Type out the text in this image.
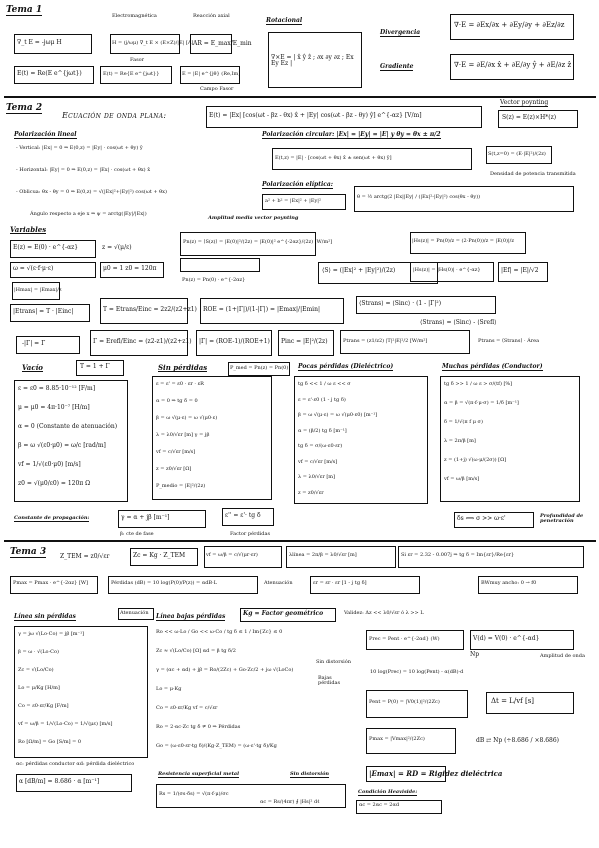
Tema 1
Electromagnética	Reacción axial
∇_t E = -jωμ H	H = (j/ωμ) ∇_t E × (E×Z)/|E| [A] AR = E_max/E_min
Fasor
E(t) = Re(E e^{jωt})	E(t) = Re{E e^{jωt}}	E = |E| e^{jθ} (Re,Im)
Campo Fasor
Rotacional
∇×E = | x̂ ŷ ẑ ; ∂x ∂y ∂z ; Ex Ey Ez |
Divergencia
∇·E = ∂Ex/∂x + ∂Ey/∂y + ∂Ez/∂z
Gradiente	∇·E = ∂E/∂x x̂ + ∂E/∂y ŷ + ∂E/∂z ẑ
Tema 2
Ecuación de onda plana:	E(t) = |Ex| [cos(ωt - βz - θx) x̂ + |Ey| cos(ωt - βz - θy) ŷ] e^{-αz} [V/m]
Vector poynting
S(z) = E(z)×H*(z)
Polarización lineal
- Vertical: |Ex| = 0 ⇒ E(0,z) = |Ey| · cos(ωt + θy) ŷ
- Horizontal: |Ey| = 0 ⇒ E(0,z) = |Ex| · cos(ωt + θx) x̂
- Oblicua: θx - θy = 0 ⇒ E(0,z) = √(|Ex|²+|Ey|²) cos(ωt + θx)
Ángulo respecto a eje x ⇒ ψ = arctg(|Ey|/|Ex|)
Amplitud media vector poynting
Polarización circular: |Ex| = |Ey| = |E| y θy = θx ± π/2
E(t,z) = |E| · [cos(ωt + θx) x̂ ± sen(ωt + θx) ŷ]
S(t,z=0) = (E·|E|²)/(2z)
Densidad de potencia transmitida
Polarización elíptica:
a² + b² = |Ex|² + |Ey|²
θ = ½ arctg(2 |Ex||Ey| / (|Ex|²-|Ey|²) cos(θx - θy))
Variables
E(z) = E(0) · e^{-αz}	z = √(μ/ε)
ω = √(ε·f·μ·ε)	μ0 = 1 z0 = 120π
|Hmax| = |Emax|/z
Pn(z) = ⟨S(z)⟩ = |E(0)|²/(2z) = |E(0)|² e^{-2αz}/(2z) [W/m²]
Pn(z) = Pn(0) · e^{-2αz}
⟨S⟩ = (|Ex|² + |Ey|²)/(2z)
|Hs(z)| = Pn(0)/z = (2·Pn(0))/z = |E(0)|/z
|Hs(z)| = |Hs(0)| · e^{-αz}	|Ef| = |E|/√2
|Etrans| = T · |Einc|	T = Etrans/Einc = 2z2/(z2+z1) ROE = (1+|Γ|)/(1-|Γ|) = |Emax|/|Emin|
⟨Strans⟩ = ⟨Sinc⟩ · (1 - |Γ|²)
⟨Strans⟩ = ⟨Sinc⟩ - ⟨Srefl⟩
-|Γ| = Γ	Γ = Erefl/Einc = (z2-z1)/(z2+z1) |Γ| = (ROE-1)/(ROE+1) Pinc = |E|²/(2z)	Ptrans = (z1/z2) |T|²|E|²/2 [W/m²]	Ptrans = ⟨Strans⟩ · Área
Vacío	T = 1 + Γ
ε = ε0 = 8.85·10⁻¹² [F/m]
μ = μ0 = 4π·10⁻⁷ [H/m]
α = 0 (Constante de atenuación)
β = ω √(ε0·μ0) = ω/c [rad/m]
vf = 1/√(ε0·μ0) [m/s]
z0 = √(μ0/ε0) = 120π Ω
Sin pérdidas
ε = ε' = ε0 · εr · εR
α = 0 ⇒ tg δ = 0
β = ω √(μ·ε) = ω √(μ0·ε)
λ = λ0/√εr [m] γ = jβ
vf = c/√εr [m/s]
z = z0/√εr [Ω]
P_medio = |E|²/(2z)
P_med = Pn(z) = Pn(0) Pocas pérdidas (Dieléctrico)
tg δ << 1 / ω ε << σ
ε = ε'·ε0 (1 - j tg δ)
β = ω √(μ·ε) = ω √(μ0·ε0) [m⁻¹]
α = (β/2) tg δ [m⁻¹]
tg δ = σ/(ω·ε0·εr)
vf = c/√εr [m/s]
λ = λ0/√εr [m]
z = z0/√εr
Muchas pérdidas (Conductor)
tg δ >> 1 / ω ε > σ/(tf) [%]
α = β = √(π·f·μ·σ) = 1/δ [m⁻¹]
δ = 1/√(π f μ σ)
λ = 2π/β [m]
z = (1+j) √(ω·μ/(2σ)) [Ω]
vf = ω/β [m/s]
Constante de propagación:	γ = α + jβ [m⁻¹]
β: cte de fase
ε'' = ε'· tg δ
Factor pérdidas
δs ⟺ σ >> ω·ε'	Profundidad de penetración
Tema 3 Z_TEM = z0/√εr	Zc = Kg · Z_TEM	vf = ω/β = c/√(μr·εr)	λlínea = 2π/β = λ0/√εr [m]	Si εr = 2.32 - 0.007j ⇒ tg δ = Im{εr}/Re{εr}
Pmax = Pmax · e^{-2αz} [W]	Pérdidas (dB) = 10 log(P(0)/P(z)) = αdB·L	Atenuación	εr = εr · εr [1 - j tg δ]	BWmuy ancho: 0 → f0
Línea sin pérdidas	Atenuación Línea bajas pérdidas	Kg = Factor geométrico	Validez: Δz << λ0/√εr ó λ >> L
γ = jω √(Lo·Co) = jβ [m⁻¹]
β = ω · √(Lo·Co)
Zc = √(Lo/Co)
Lo = μ/Kg [H/m]
Co = ε0·εr/Kg [F/m]
vf = ω/β = 1/√(Lo·Co) = 1/√(με) [m/s]
Ro [Ω/m] = Go [S/m] = 0
Ro << ω·Lo / Go << ω·Co / tg δ ≤ 1 / Im{Zc} ≤ 0
Zc ≈ √(Lo/Co) [Ω] αd = β tg δ/2
γ = (αc + αd) + jβ = Ro/(2Zc) + Go·Zc/2 + jω √(LoCo)
Lo = μ·Kg
Co = ε0·εr/Kg vf = c/√εr
Ro = 2·αc·Zc tg δ ≠ 0 ⇒ Pérdidas
Go = (ω·ε0·εr·tg δ)/(Kg·Z_TEM) = (ω·ε'·tg δ)/Kg
Sin distorsión
Bajas pérdidas
Prec = Pent · e^{-2αd} (W)	V(d) = V(0) · e^{-αd}
Amplitud de onda
Np
10 log(Prec) = 10 log(Pent) - α(dB)·d
Pent = P(0) = |V0(1)|²/(2Zc)	Δt = L/vf [s]
Pmax = |Vmax|²/(2Zc)	dB ⇄ Np (÷8.686 / ×8.686)
|Emax| = RD = Rigidez dieléctrica
αc: pérdidas conductor αd: pérdida dieléctrico
α [dB/m] = 8.686 · α [m⁻¹]
Resistencia superficial metal	Sin distorsión
Rs = 1/(σs·δs) = √(π·f·μ)/σc
αc = Rs/(4πr) ∮ |Hs|² dℓ
Condición Heaviside:
αc = 2αc = 2αd
